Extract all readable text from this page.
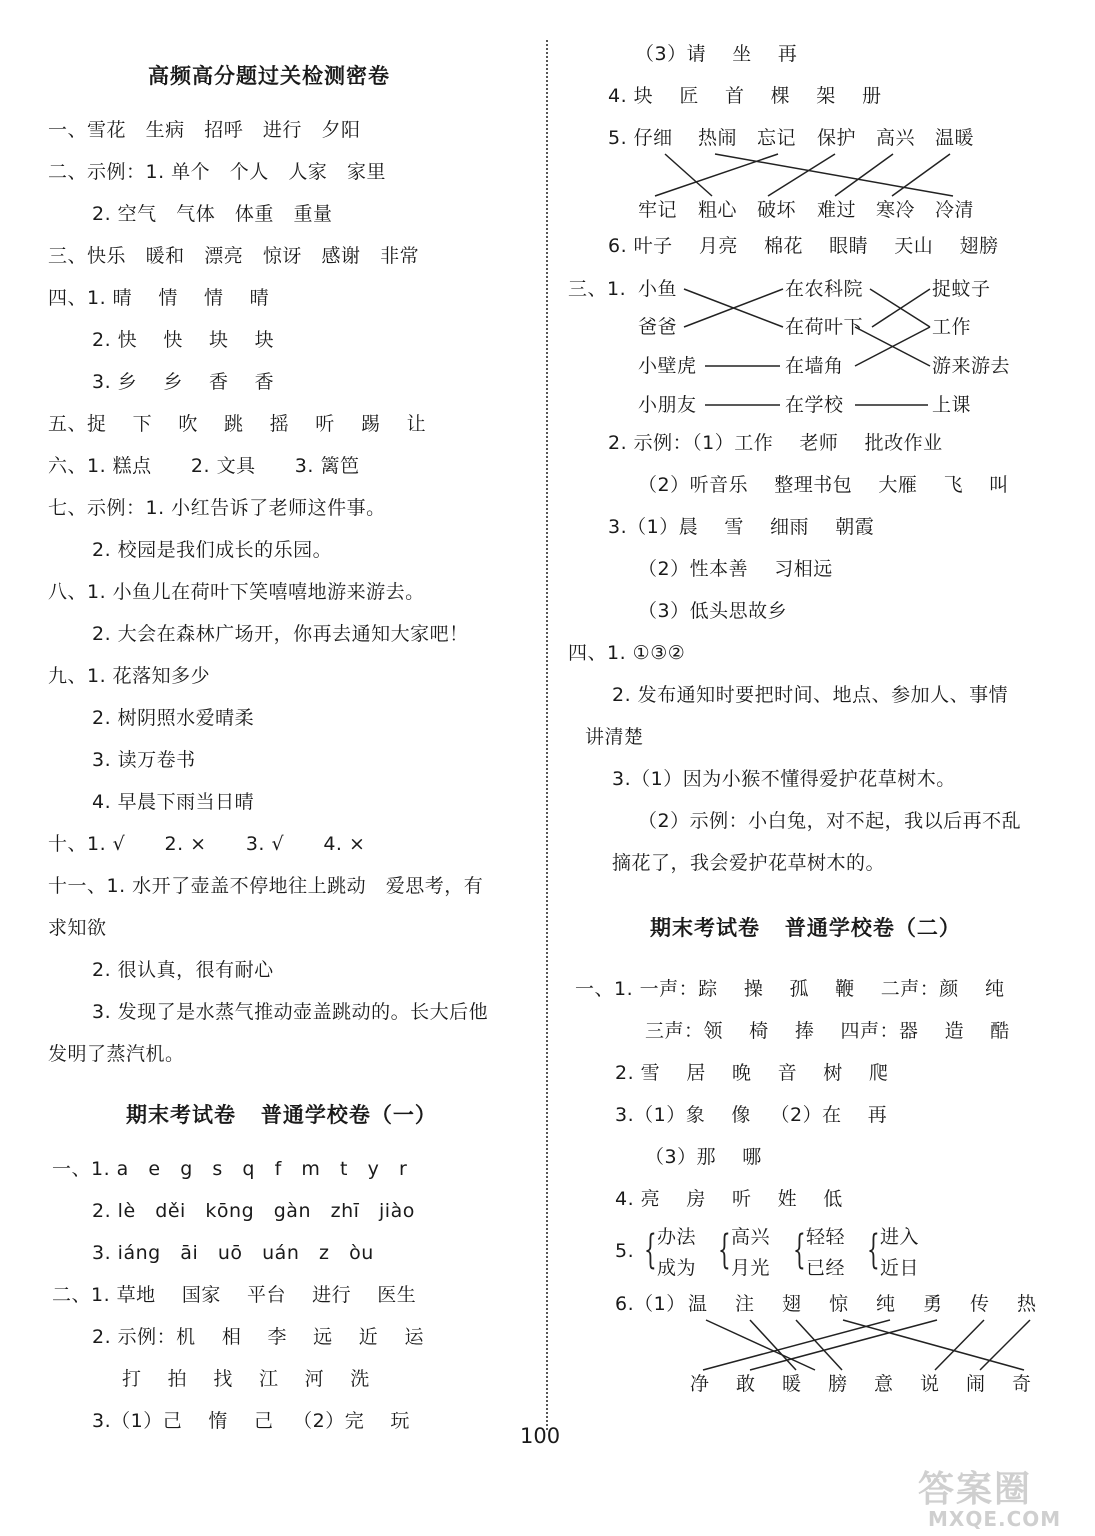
高频高分题过关检测密卷
一、雪花   生病   招呼   进行   夕阳
二、示例：1. 单个   个人   人家   家里
2. 空气   气体   体重   重量
三、快乐   暖和   漂亮   惊讶   感谢   非常
四、1. 晴    情    情    晴
2. 快    快    块    块
3. 乡    乡    香    香
五、捉    下    吹    跳    摇    听    踢    让
六、1. 糕点      2. 文具      3. 篱笆
七、示例：1. 小红告诉了老师这件事。
2. 校园是我们成长的乐园。
八、1. 小鱼儿在荷叶下笑嘻嘻地游来游去。
2. 大会在森林广场开，你再去通知大家吧！
九、1. 花落知多少
2. 树阴照水爱晴柔
3. 读万卷书
4. 早晨下雨当日晴
十、1. √      2. ×      3. √      4. ×
十一、1. 水开了壶盖不停地往上跳动   爱思考，有
求知欲
2. 很认真，很有耐心
3. 发现了是水蒸气推动壶盖跳动的。长大后他
发明了蒸汽机。
期末考试卷   普通学校卷（一）
一、1. a   e   g   s   q   f   m   t   y   r
2. lè   děi   kōng   gàn   zhī   jiào
3. iáng   āi   uō   uán   z   òu
二、1. 草地    国家    平台    进行    医生
2. 示例：机    相    李    远    近    运
打    拍    找    江    河    洗
3.（1）己    惰    己   （2）完    玩
（3）请    坐    再
4. 块    匠    首    棵    架    册
5. 仔细 热闹 忘记 保护 高兴 温暖
牢记 粗心 破坏 难过 寒冷 冷清
6. 叶子    月亮    棉花    眼睛    天山    翅膀
三、1. 小鱼
爸爸
小壁虎
小朋友
在农科院
在荷叶下
在墙角
在学校
捉蚊子
工作
游来游去
上课
2. 示例：（1）工作    老师    批改作业
（2）听音乐    整理书包    大雁    飞    叫
3.（1）晨    雪    细雨    朝霞
（2）性本善    习相远
（3）低头思故乡
四、1. ①③②
2. 发布通知时要把时间、地点、参加人、事情
讲清楚
3.（1）因为小猴不懂得爱护花草树木。
（2）示例：小白兔，对不起，我以后再不乱
摘花了，我会爱护花草树木的。
期末考试卷   普通学校卷（二）
一、1. 一声：踪    操    孤    鞭    二声：颜    纯
三声：领    椅    捧    四声：器    造    酷
2. 雪    居    晚    音    树    爬
3.（1）象    像   （2）在    再
（3）那    哪
4. 亮    房    听    姓    低
5. { 办法
成为 { 高兴
月光 { 轻轻
已经 { 进入
近日
6.（1） 温 注 翅 惊 纯 勇 传 热
净 敢 暖 膀 意 说 闹 奇
100
答案圈
MXQE.COM
